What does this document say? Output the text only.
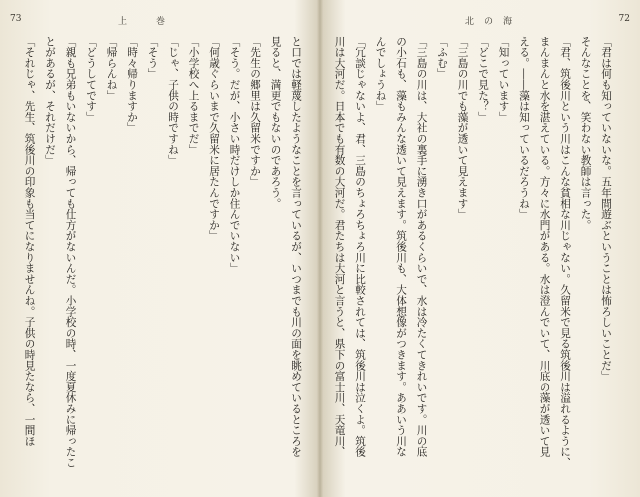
73	上　巻
と口では軽蔑したようなことを言っているが、いつまでも川の面を眺めているところを
見ると、満更でもないのであろう。
「先生の郷里は久留米ですか」
「そう。だが、小さい時だけしか住んでいない」
「何歳ぐらいまで久留米に居たんですか」
「小学校へ上るまでだ」
「じゃ、子供の時ですね」
「そう」
「時々帰りますか」
「帰らんね」
「どうしてです」
「親も兄弟もいないから、帰っても仕方がないんだ。小学校の時、一度夏休みに帰ったこ
とがあるが、それだけだ」
「それじゃ、先生、筑後川の印象も当てになりませんね。子供の時見たなら、一間ほ
北の海	72
「君は何も知っていないな。五年間遊ぶということは怖ろしいことだ」
そんなことを、笑わない教師は言った。
「君、筑後川という川はこんな貧相な川じゃない。久留米で見る筑後川は溢れるように、
まんまんと水を湛えている。方々に水門がある。水は澄んでいて、川底の藻が透いて見
える。――藻は知っているだろうね」
「知っています」
「どこで見た？」
「三島の川でも藻が透いて見えます」
「ふむ」
「三島の川は、大社の裏手に湧き口があるくらいで、水は冷たくてきれいです。川の底
の小石も、藻もみんな透いて見えます。筑後川も、大体想像がつきます。ああいう川な
んでしょうね」
「冗談じゃないよ、君、三島のちょろちょろ川に比較されては、筑後川は泣くよ。筑後
川は大河だ。日本でも有数の大河だ。君たちは大河と言うと、県下の富士川、天竜川、
